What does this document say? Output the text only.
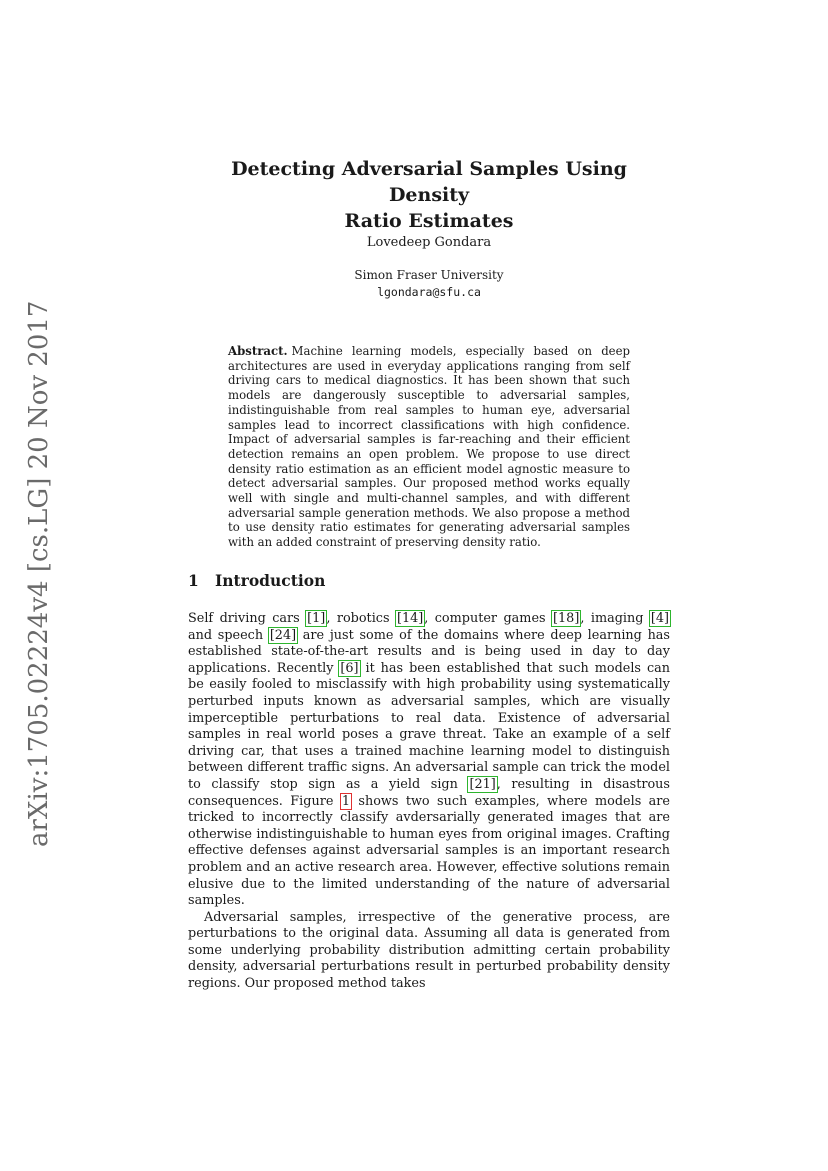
arXiv:1705.02224v4 [cs.LG] 20 Nov 2017
Detecting Adversarial Samples Using Density
Ratio Estimates
Lovedeep Gondara
Simon Fraser University
lgondara@sfu.ca
Abstract. Machine learning models, especially based on deep architectures are used in everyday applications ranging from self driving cars to medical diagnostics. It has been shown that such models are dangerously susceptible to adversarial samples, indistinguishable from real samples to human eye, adversarial samples lead to incorrect classifications with high confidence. Impact of adversarial samples is far-reaching and their efficient detection remains an open problem. We propose to use direct density ratio estimation as an efficient model agnostic measure to detect adversarial samples. Our proposed method works equally well with single and multi-channel samples, and with different adversarial sample generation methods. We also propose a method to use density ratio estimates for generating adversarial samples with an added constraint of preserving density ratio.
1 Introduction

Self driving cars [1], robotics [14], computer games [18], imaging [4] and speech [24] are just some of the domains where deep learning has established state-of-the-art results and is being used in day to day applications. Recently [6] it has been established that such models can be easily fooled to misclassify with high probability using systematically perturbed inputs known as adversarial samples, which are visually imperceptible perturbations to real data. Existence of adversarial samples in real world poses a grave threat. Take an example of a self driving car, that uses a trained machine learning model to distinguish between different traffic signs. An adversarial sample can trick the model to classify stop sign as a yield sign [21], resulting in disastrous consequences. Figure 1 shows two such examples, where models are tricked to incorrectly classify avdersarially generated images that are otherwise indistinguishable to human eyes from original images. Crafting effective defenses against adversarial samples is an important research problem and an active research area. However, effective solutions remain elusive due to the limited understanding of the nature of adversarial samples.

Adversarial samples, irrespective of the generative process, are perturbations to the original data. Assuming all data is generated from some underlying probability distribution admitting certain probability density, adversarial perturbations result in perturbed probability density regions. Our proposed method takes
